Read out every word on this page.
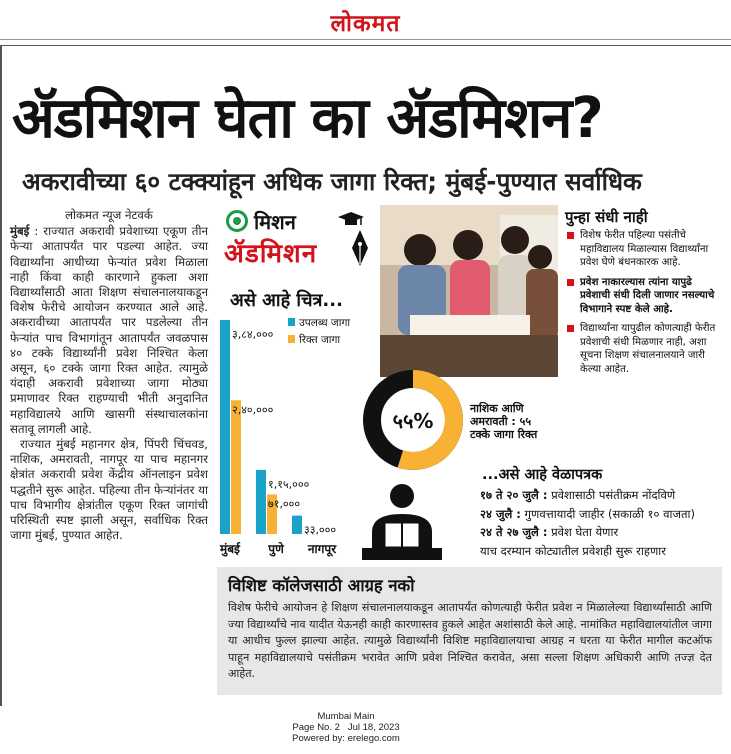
लोकमत
ॲडमिशन घेता का ॲडमिशन?
अकरावीच्या ६० टक्क्यांहून अधिक जागा रिक्त; मुंबई-पुण्यात सर्वाधिक
लोकमत न्यूज नेटवर्क

मुंबई : राज्यात अकरावी प्रवेशाच्या एकूण तीन फेऱ्या आतापर्यंत पार पडल्या आहेत. ज्या विद्यार्थ्यांना आधीच्या फेऱ्यांत प्रवेश मिळाला नाही किंवा काही कारणाने हुकला अशा विद्यार्थ्यांसाठी आता शिक्षण संचालनालयाकडून विशेष फेरीचे आयोजन करण्यात आले आहे. अकरावीच्या आतापर्यंत पार पडलेल्या तीन फेऱ्यांत पाच विभागांतून आतापर्यंत जवळपास ४० टक्के विद्यार्थ्यांनी प्रवेश निश्चित केला असून, ६० टक्के जागा रिक्त आहेत. त्यामुळे यंदाही अकरावी प्रवेशाच्या जागा मोठ्या प्रमाणावर रिक्त राहण्याची भीती अनुदानित महाविद्यालये आणि खासगी संस्थाचालकांना सतावू लागली आहे.

राज्यात मुंबई महानगर क्षेत्र, पिंपरी चिंचवड, नाशिक, अमरावती, नागपूर या पाच महानगर क्षेत्रांत अकरावी प्रवेश केंद्रीय ऑनलाइन प्रवेश पद्धतीने सुरू आहेत. पहिल्या तीन फेऱ्यांनंतर या पाच विभागीय क्षेत्रांतील एकूण रिक्त जागांची परिस्थिती स्पष्ट झाली असून, सर्वाधिक रिक्त जागा मुंबई, पुण्यात आहेत.

मिशन
ॲडमिशन
असे आहे चित्र...
उपलब्ध जागा
रिक्त जागा
३,८४,०००
२,४०,०००
मुंबई
१,१५,०००
७१,०००
पुणे
३३,०००
नागपूर
५५%
नाशिक आणि
अमरावती : ५५
टक्के जागा रिक्त
पुन्हा संधी नाही
विशेष फेरीत पहिल्या पसंतीचे महाविद्यालय मिळाल्यास विद्यार्थ्यांना प्रवेश घेणे बंधनकारक आहे.
प्रवेश नाकारल्यास त्यांना यापुढे प्रवेशाची संधी दिली जाणार नसल्याचे विभागाने स्पष्ट केले आहे.
विद्यार्थ्यांना यापुढील कोणत्याही फेरीत प्रवेशाची संधी मिळणार नाही, अशा सूचना शिक्षण संचालनालयाने जारी केल्या आहेत.
...असे आहे वेळापत्रक
१७ ते २० जुलै : प्रवेशासाठी पसंतीक्रम नोंदविणे
२४ जुलै : गुणवत्तायादी जाहीर (सकाळी १० वाजता)
२४ ते २७ जुलै : प्रवेश घेता येणार
याच दरम्यान कोट्यातील प्रवेशही सुरू राहणार
विशिष्ट कॉलेजसाठी आग्रह नको
विशेष फेरीचे आयोजन हे शिक्षण संचालनालयाकडून आतापर्यंत कोणत्याही फेरीत प्रवेश न मिळालेल्या विद्यार्थ्यांसाठी आणि ज्या विद्यार्थ्यांचे नाव यादीत येऊनही काही कारणास्तव हुकले आहेत अशांसाठी केले आहे. नामांकित महाविद्यालयांतील जागा या आधीच फुल्ल झाल्या आहेत. त्यामुळे विद्यार्थ्यांनी विशिष्ट महाविद्यालयाचा आग्रह न धरता या फेरीत मागील कटऑफ पाहून महाविद्यालयाचे पसंतीक्रम भरावेत आणि प्रवेश निश्चित करावेत, असा सल्ला शिक्षण अधिकारी आणि तज्ज्ञ देत आहेत.
Mumbai Main
Page No. 2 Jul 18, 2023
Powered by: erelego.com
